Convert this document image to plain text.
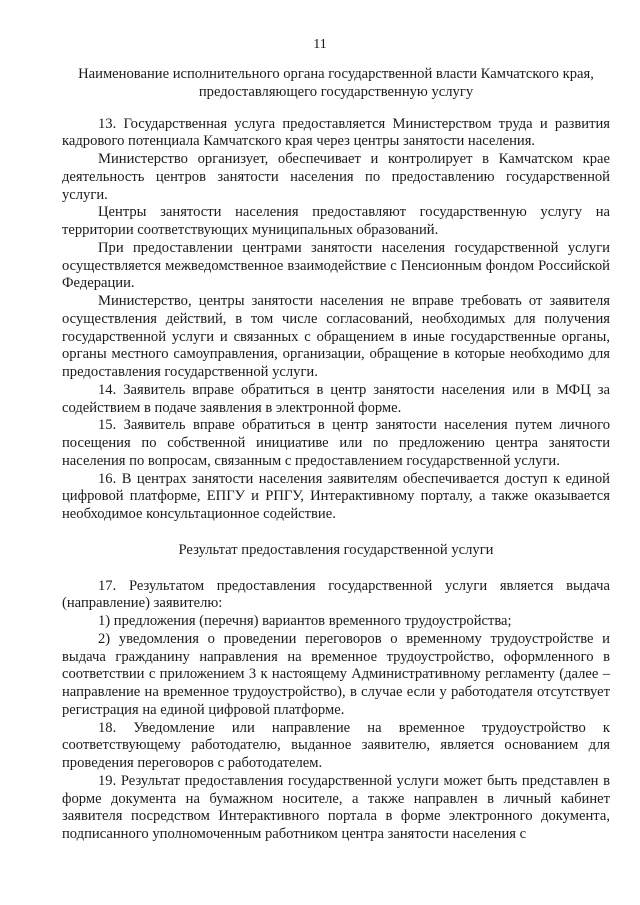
11

Наименование исполнительного органа государственной власти Камчатского края, предоставляющего государственную услугу

13. Государственная услуга предоставляется Министерством труда и развития кадрового потенциала Камчатского края через центры занятости населения.

Министерство организует, обеспечивает и контролирует в Камчатском крае деятельность центров занятости населения по предоставлению государственной услуги.

Центры занятости населения предоставляют государственную услугу на территории соответствующих муниципальных образований.

При предоставлении центрами занятости населения государственной услуги осуществляется межведомственное взаимодействие с Пенсионным фондом Российской Федерации.

Министерство, центры занятости населения не вправе требовать от заявителя осуществления действий, в том числе согласований, необходимых для получения государственной услуги и связанных с обращением в иные государственные органы, органы местного самоуправления, организации, обращение в которые необходимо для предоставления государственной услуги.

14. Заявитель вправе обратиться в центр занятости населения или в МФЦ за содействием в подаче заявления в электронной форме.

15. Заявитель вправе обратиться в центр занятости населения путем личного посещения по собственной инициативе или по предложению центра занятости населения по вопросам, связанным с предоставлением государственной услуги.

16. В центрах занятости населения заявителям обеспечивается доступ к единой цифровой платформе, ЕПГУ и РПГУ, Интерактивному порталу, а также оказывается необходимое консультационное содействие.

Результат предоставления государственной услуги

17. Результатом предоставления государственной услуги является выдача (направление) заявителю:

1) предложения (перечня) вариантов временного трудоустройства;

2) уведомления о проведении переговоров о временному трудоустройстве и выдача гражданину направления на временное трудоустройство, оформленного в соответствии с приложением 3 к настоящему Административному регламенту (далее – направление на временное трудоустройство), в случае если у работодателя отсутствует регистрация на единой цифровой платформе.

18. Уведомление или направление на временное трудоустройство к соответствующему работодателю, выданное заявителю, является основанием для проведения переговоров с работодателем.

19. Результат предоставления государственной услуги может быть представлен в форме документа на бумажном носителе, а также направлен в личный кабинет заявителя посредством Интерактивного портала в форме электронного документа, подписанного уполномоченным работником центра занятости населения с
